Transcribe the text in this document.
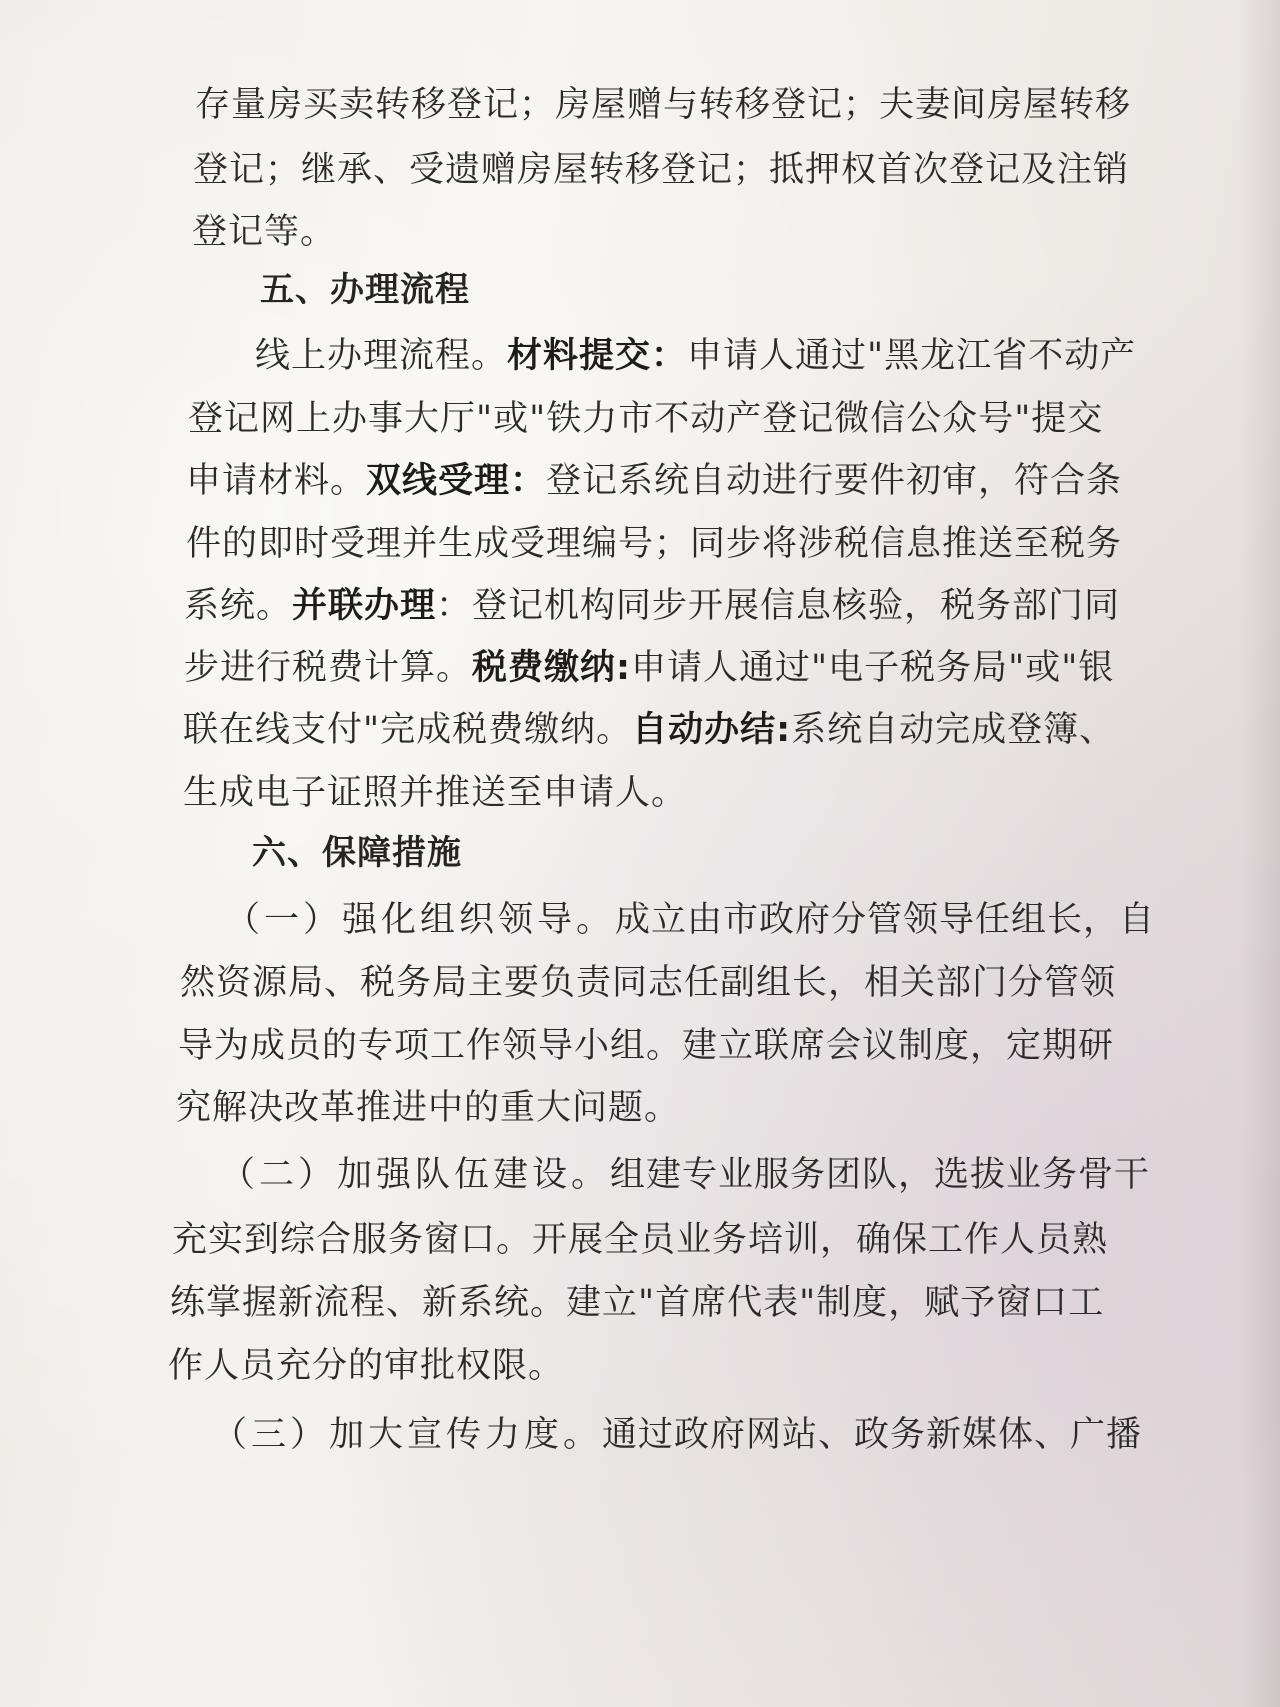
存量房买卖转移登记；房屋赠与转移登记；夫妻间房屋转移

登记；继承、受遗赠房屋转移登记；抵押权首次登记及注销

登记等。

五、办理流程

线上办理流程。材料提交：申请人通过"黑龙江省不动产

登记网上办事大厅"或"铁力市不动产登记微信公众号"提交

申请材料。双线受理：登记系统自动进行要件初审，符合条

件的即时受理并生成受理编号；同步将涉税信息推送至税务

系统。并联办理：登记机构同步开展信息核验，税务部门同

步进行税费计算。税费缴纳:申请人通过"电子税务局"或"银

联在线支付"完成税费缴纳。自动办结:系统自动完成登簿、

生成电子证照并推送至申请人。

六、保障措施

（一）强化组织领导。成立由市政府分管领导任组长，自

然资源局、税务局主要负责同志任副组长，相关部门分管领

导为成员的专项工作领导小组。建立联席会议制度，定期研

究解决改革推进中的重大问题。

（二）加强队伍建设。组建专业服务团队，选拔业务骨干

充实到综合服务窗口。开展全员业务培训，确保工作人员熟

练掌握新流程、新系统。建立"首席代表"制度，赋予窗口工

作人员充分的审批权限。

（三）加大宣传力度。通过政府网站、政务新媒体、广播
